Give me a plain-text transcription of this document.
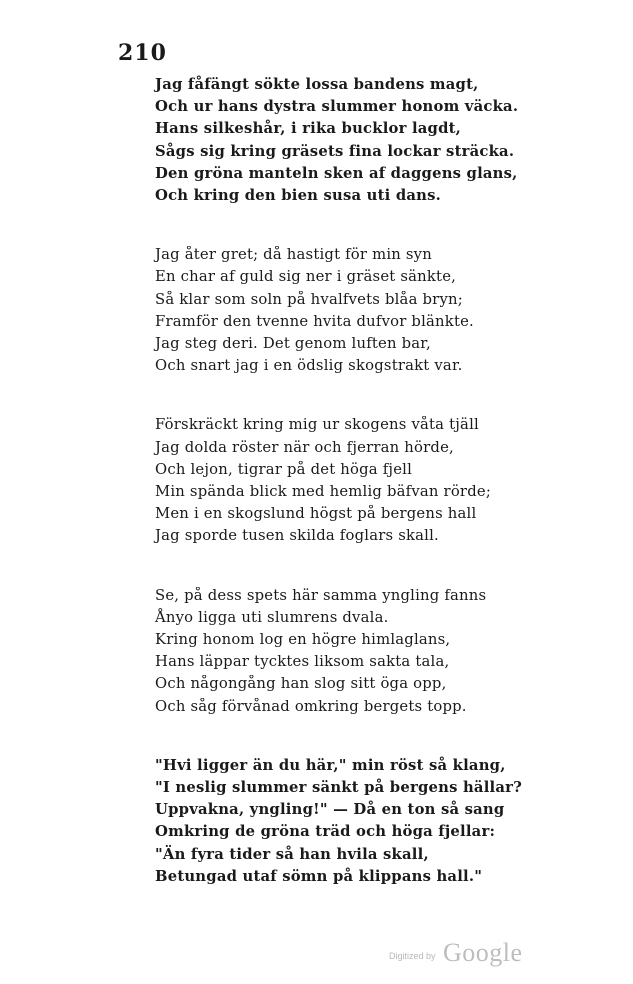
210
Jag fåfängt sökte lossa bandens magt,
Och ur hans dystra slummer honom väcka.
Hans silkeshår, i rika bucklor lagdt,
Sågs sig kring gräsets fina lockar sträcka.
Den gröna manteln sken af daggens glans,
Och kring den bien susa uti dans.
Jag åter gret; då hastigt för min syn
En char af guld sig ner i gräset sänkte,
Så klar som soln på hvalfvets blåa bryn;
Framför den tvenne hvita dufvor blänkte.
Jag steg deri. Det genom luften bar,
Och snart jag i en ödslig skogstrakt var.
Förskräckt kring mig ur skogens våta tjäll
Jag dolda röster när och fjerran hörde,
Och lejon, tigrar på det höga fjell
Min spända blick med hemlig bäfvan rörde;
Men i en skogslund högst på bergens hall
Jag sporde tusen skilda foglars skall.
Se, på dess spets här samma yngling fanns
Ånyo ligga uti slumrens dvala.
Kring honom log en högre himlaglans,
Hans läppar tycktes liksom sakta tala,
Och någongång han slog sitt öga opp,
Och såg förvånad omkring bergets topp.
"Hvi ligger än du här," min röst så klang,
"I neslig slummer sänkt på bergens hällar?
Uppvakna, yngling!" — Då en ton så sang
Omkring de gröna träd och höga fjellar:
"Än fyra tider så han hvila skall,
Betungad utaf sömn på klippans hall."
Digitized by Google
